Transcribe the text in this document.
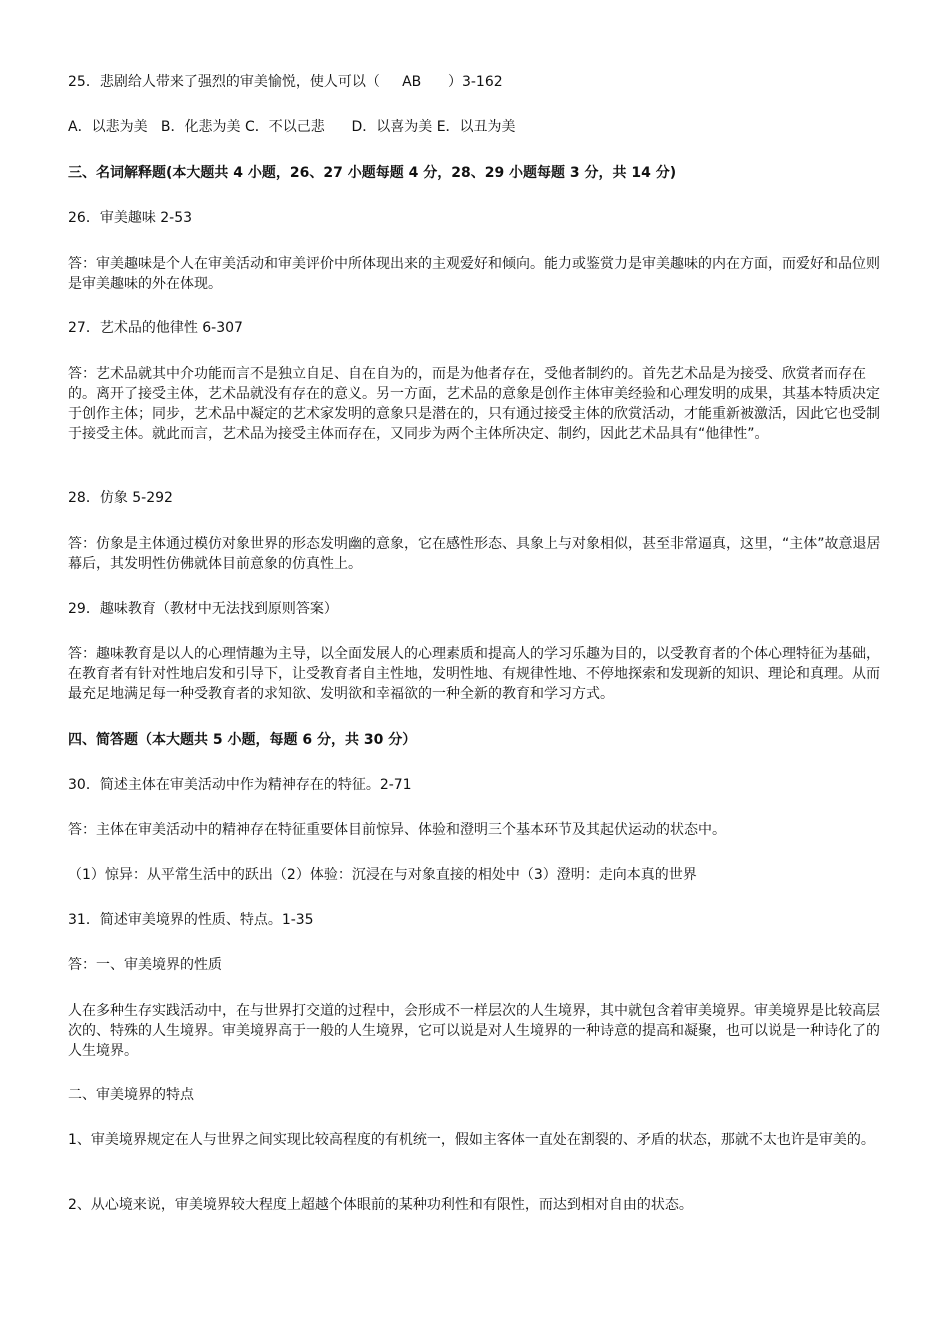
25．悲剧给人带来了强烈的审美愉悦，使人可以（     AB      ）3-162

A．以悲为美   B．化悲为美 C．不以己悲      D．以喜为美 E．以丑为美

三、名词解释题(本大题共 4 小题，26、27 小题每题 4 分，28、29 小题每题 3 分，共 14 分)

26．审美趣味 2-53

答：审美趣味是个人在审美活动和审美评价中所体现出来的主观爱好和倾向。能力或鉴赏力是审美趣味的内在方面，而爱好和品位则是审美趣味的外在体现。

27．艺术品的他律性 6-307

答：艺术品就其中介功能而言不是独立自足、自在自为的，而是为他者存在，受他者制约的。首先艺术品是为接受、欣赏者而存在的。离开了接受主体，艺术品就没有存在的意义。另一方面，艺术品的意象是创作主体审美经验和心理发明的成果，其基本特质决定于创作主体；同步，艺术品中凝定的艺术家发明的意象只是潜在的，只有通过接受主体的欣赏活动，才能重新被激活，因此它也受制于接受主体。就此而言，艺术品为接受主体而存在，又同步为两个主体所决定、制约，因此艺术品具有“他律性”。

28．仿象 5-292

答：仿象是主体通过模仿对象世界的形态发明幽的意象，它在感性形态、具象上与对象相似，甚至非常逼真，这里，“主体”故意退居幕后，其发明性仿佛就体目前意象的仿真性上。

29．趣味教育（教材中无法找到原则答案）

答：趣味教育是以人的心理情趣为主导，以全面发展人的心理素质和提高人的学习乐趣为目的，以受教育者的个体心理特征为基础，在教育者有针对性地启发和引导下，让受教育者自主性地，发明性地、有规律性地、不停地探索和发现新的知识、理论和真理。从而最充足地满足每一种受教育者的求知欲、发明欲和幸福欲的一种全新的教育和学习方式。

四、简答题（本大题共 5 小题，每题 6 分，共 30 分）

30．简述主体在审美活动中作为精神存在的特征。2-71

答：主体在审美活动中的精神存在特征重要体目前惊异、体验和澄明三个基本环节及其起伏运动的状态中。

（1）惊异：从平常生活中的跃出（2）体验：沉浸在与对象直接的相处中（3）澄明：走向本真的世界

31．简述审美境界的性质、特点。1-35

答：一、审美境界的性质

人在多种生存实践活动中，在与世界打交道的过程中，会形成不一样层次的人生境界，其中就包含着审美境界。审美境界是比较高层次的、特殊的人生境界。审美境界高于一般的人生境界，它可以说是对人生境界的一种诗意的提高和凝聚，也可以说是一种诗化了的人生境界。

二、审美境界的特点

1、审美境界规定在人与世界之间实现比较高程度的有机统一，假如主客体一直处在割裂的、矛盾的状态，那就不太也许是审美的。

2、从心境来说，审美境界较大程度上超越个体眼前的某种功利性和有限性，而达到相对自由的状态。
